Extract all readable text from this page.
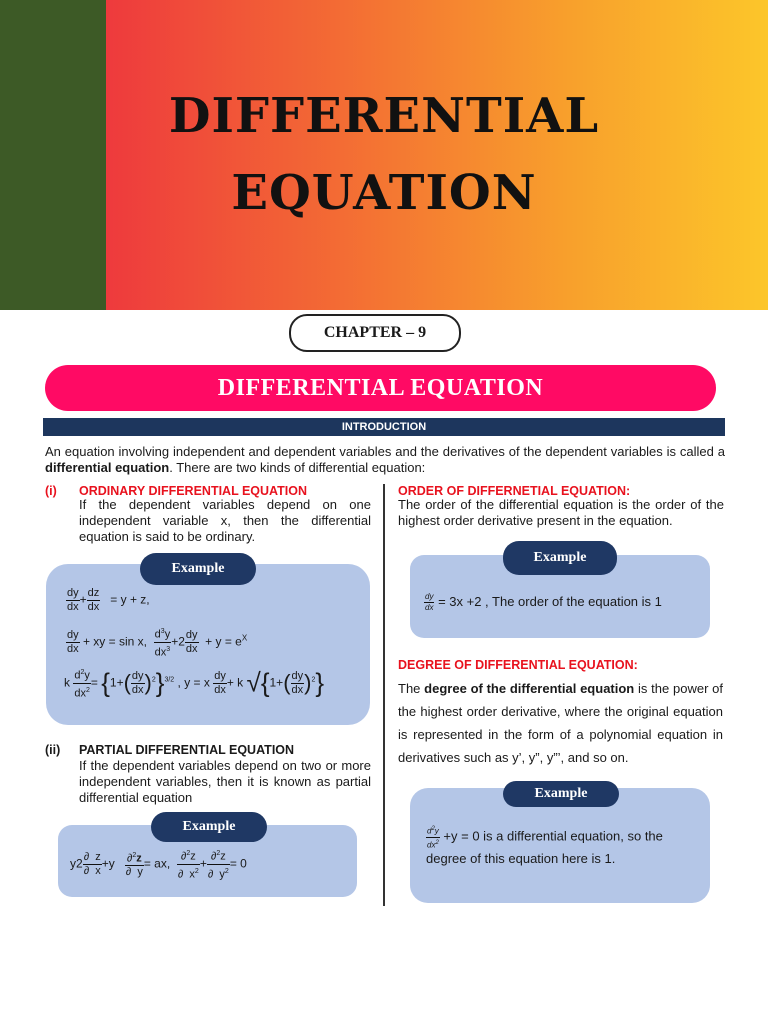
DIFFERENTIAL
EQUATION
CHAPTER – 9
DIFFERENTIAL EQUATION
INTRODUCTION
An equation involving independent and dependent variables and the derivatives of the dependent variables is called a differential equation. There are two kinds of differential equation:
(i) ORDINARY DIFFERENTIAL EQUATION
If the dependent variables depend on one independent variable x, then the differential equation is said to be ordinary.
Example
$\frac{dy}{dx} + \frac{dz}{dx} = y + z$,
$\frac{dy}{dx}$ + xy = sin x, $\frac{d^3y}{dx^3} +2 \frac{dy}{dx} + y = e^X$
k $\frac{d^2y}{dx^2} = \{1+( \frac{dy}{dx} )^2\}^{3/2}$ , y = x $\frac{dy}{dx} + k$ $√\{1+( \frac{dy}{dx} )^2\}$
(ii) PARTIAL DIFFERENTIAL EQUATION
If the dependent variables depend on two or more independent variables, then it is known as partial differential equation
Example
$y2 \frac{\partial z}{\partial x} +y \frac{\partial^2z}{\partial y}$ = ax, $\frac{\partial^2z}{\partial x^2} + \frac{\partial^2z}{\partial y^2} = 0$
ORDER OF DIFFERNETIAL EQUATION:
The order of the differential equation is the order of the highest order derivative present in the equation.
Example
$\frac{dy}{dx} = 3x +2$ , The order of the equation is 1
DEGREE OF DIFFERENTIAL EQUATION:
The degree of the differential equation is the power of the highest order derivative, where the original equation is represented in the form of a polynomial equation in derivatives such as y’, y”, y”’, and so on.
Example
$\frac{d^2y}{dx^2} +y = 0$ is a differential equation, so the
degree of this equation here is 1.
